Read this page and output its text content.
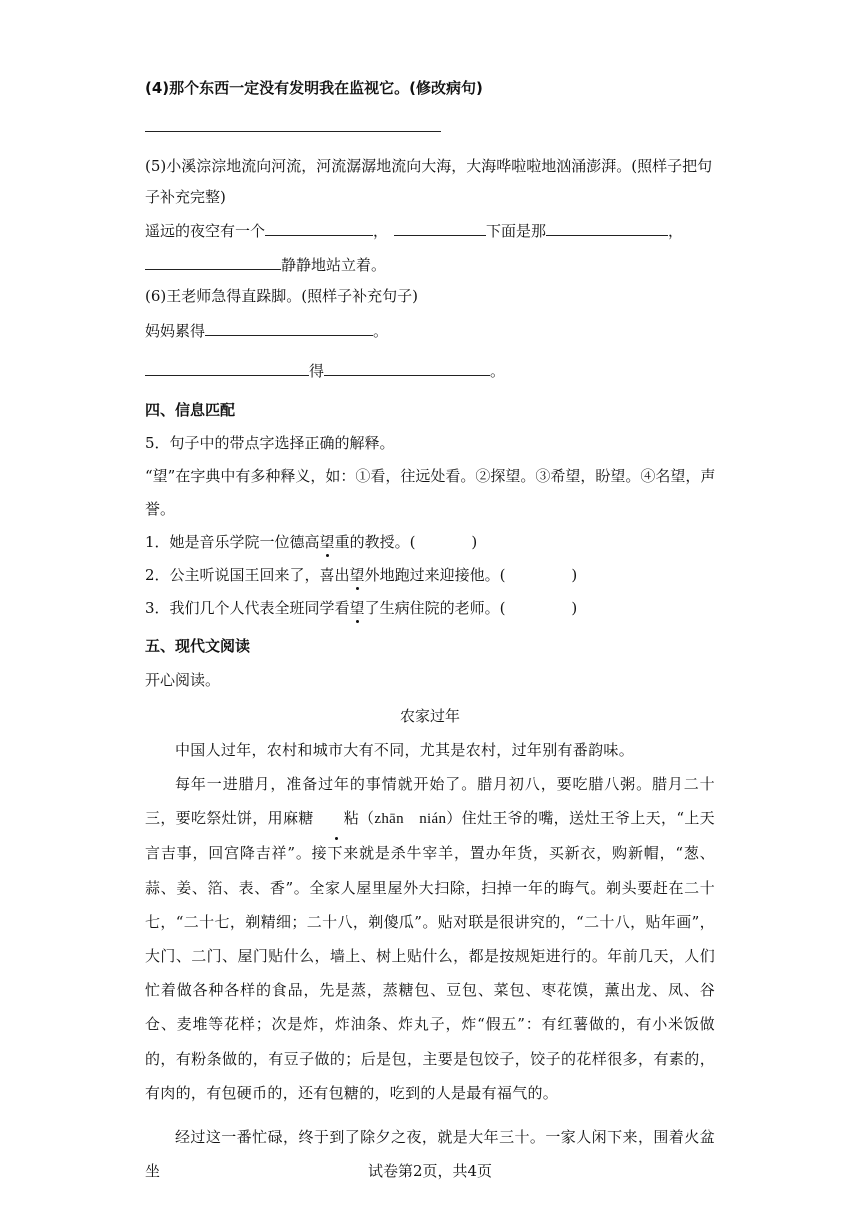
(4)那个东西一定没有发明我在监视它。(修改病句)
(5)小溪淙淙地流向河流，河流潺潺地流向大海，大海哗啦啦地汹涌澎湃。(照样子把句
子补充完整)
遥远的夜空有一个	，	下面是那	，
静静地站立着。
(6)王老师急得直跺脚。(照样子补充句子)
妈妈累得	。
得	。
四、信息匹配
5．句子中的带点字选择正确的解释。
“望”在字典中有多种释义，如：①看，往远处看。②探望。③希望，盼望。④名望，声
誉。
1．她是音乐学院一位德高望重的教授。(	)
2．公主听说国王回来了，喜出望外地跑过来迎接他。(	)
3．我们几个人代表全班同学看望了生病住院的老师。(	)
五、现代文阅读
开心阅读。
农家过年
中国人过年，农村和城市大有不同，尤其是农村，过年别有番韵味。
每年一进腊月，准备过年的事情就开始了。腊月初八，要吃腊八粥。腊月二十三，要吃祭灶饼，用麻糖 粘（zhān　nián）住灶王爷的嘴，送灶王爷上天，“上天言吉事，回宫降吉祥”。接下来就是杀牛宰羊，置办年货，买新衣，购新帽，“葱、蒜、姜、箔、表、香”。全家人屋里屋外大扫除，扫掉一年的晦气。剃头要赶在二十七，“二十七，剃精细；二十八，剃傻瓜”。贴对联是很讲究的，“二十八，贴年画”，大门、二门、屋门贴什么，墙上、树上贴什么，都是按规矩进行的。年前几天，人们忙着做各种各样的食品，先是蒸，蒸糖包、豆包、菜包、枣花馍，薰出龙、凤、谷仓、麦堆等花样；次是炸，炸油条、炸丸子，炸“假五”：有红薯做的，有小米饭做的，有粉条做的，有豆子做的；后是包，主要是包饺子，饺子的花样很多，有素的，有肉的，有包硬币的，还有包糖的，吃到的人是最有福气的。
经过这一番忙碌，终于到了除夕之夜，就是大年三十。一家人闲下来，围着火盆坐	试卷第2页，共4页
